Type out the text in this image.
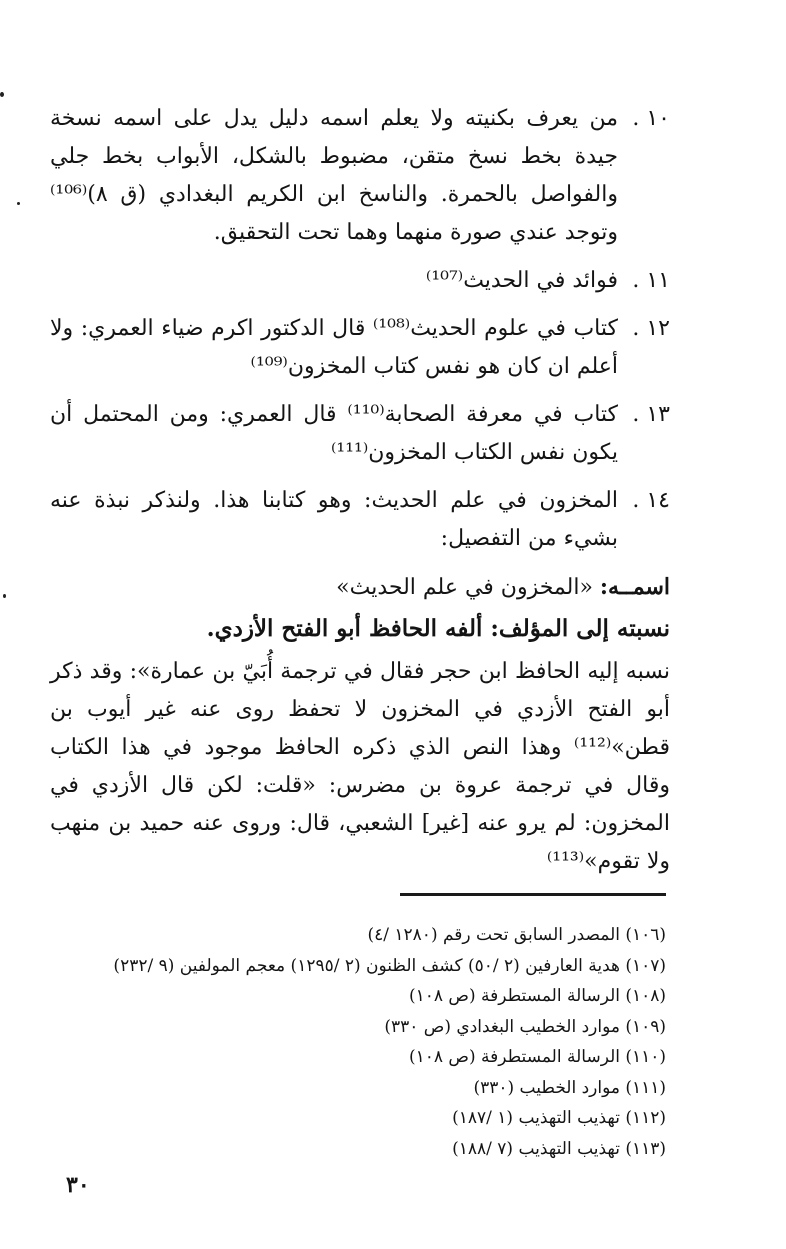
١٠ .
من يعرف بكنيته ولا يعلم اسمه دليل يدل على اسمه نسخة جيدة بخط نسخ متقن، مضبوط بالشكل، الأبواب بخط جلي والفواصل بالحمرة. والناسخ ابن الكريم البغدادي (ق ٨)⁽¹⁰⁶⁾ وتوجد عندي صورة منهما وهما تحت التحقيق.
١١ .
فوائد في الحديث⁽¹⁰⁷⁾
١٢ .
كتاب في علوم الحديث⁽¹⁰⁸⁾ قال الدكتور اكرم ضياء العمري: ولا أعلم ان كان هو نفس كتاب المخزون⁽¹⁰⁹⁾
١٣ .
كتاب في معرفة الصحابة⁽¹¹⁰⁾ قال العمري: ومن المحتمل أن يكون نفس الكتاب المخزون⁽¹¹¹⁾
١٤ .
المخزون في علم الحديث: وهو كتابنا هذا. ولنذكر نبذة عنه بشيء من التفصيل:
اسمــه: «المخزون في علم الحديث»
نسبته إلى المؤلف: ألفه الحافظ أبو الفتح الأزدي.
نسبه إليه الحافظ ابن حجر فقال في ترجمة أُبَيّ بن عمارة»: وقد ذكر أبو الفتح الأزدي في المخزون لا تحفظ روى عنه غير أيوب بن قطن»⁽¹¹²⁾ وهذا النص الذي ذكره الحافظ موجود في هذا الكتاب وقال في ترجمة عروة بن مضرس: «قلت: لكن قال الأزدي في المخزون: لم يرو عنه [غير] الشعبي، قال: وروى عنه حميد بن منهب ولا تقوم»⁽¹¹³⁾
(١٠٦)المصدر السابق تحت رقم (١٢٨٠ /٤)
(١٠٧)هدية العارفين (٢ /٥٠) كشف الظنون (٢ /١٢٩٥) معجم المولفين (٩ /٢٣٢)
(١٠٨)الرسالة المستطرفة (ص ١٠٨)
(١٠٩)موارد الخطيب البغدادي (ص ٣٣٠)
(١١٠)الرسالة المستطرفة (ص ١٠٨)
(١١١)موارد الخطيب (٣٣٠)
(١١٢)تهذيب التهذيب (١ /١٨٧)
(١١٣)تهذيب التهذيب (٧ /١٨٨)
٣٠
